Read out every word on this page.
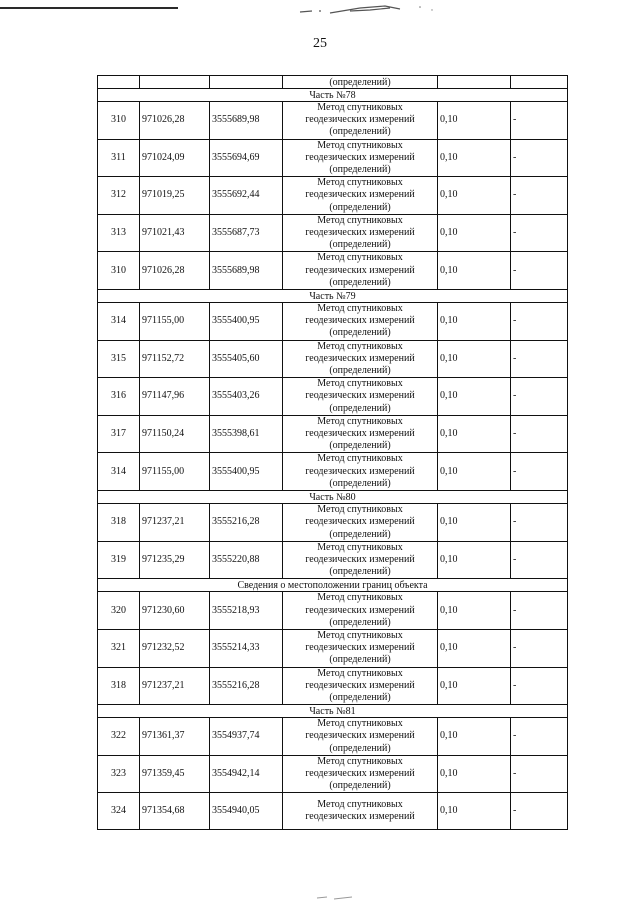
25
			(определений)		
Часть №78					
310	971026,28	3555689,98	Метод спутниковых
геодезических измерений
(определений)	0,10	-
311	971024,09	3555694,69	Метод спутниковых
геодезических измерений
(определений)	0,10	-
312	971019,25	3555692,44	Метод спутниковых
геодезических измерений
(определений)	0,10	-
313	971021,43	3555687,73	Метод спутниковых
геодезических измерений
(определений)	0,10	-
310	971026,28	3555689,98	Метод спутниковых
геодезических измерений
(определений)	0,10	-
Часть №79					
314	971155,00	3555400,95	Метод спутниковых
геодезических измерений
(определений)	0,10	-
315	971152,72	3555405,60	Метод спутниковых
геодезических измерений
(определений)	0,10	-
316	971147,96	3555403,26	Метод спутниковых
геодезических измерений
(определений)	0,10	-
317	971150,24	3555398,61	Метод спутниковых
геодезических измерений
(определений)	0,10	-
314	971155,00	3555400,95	Метод спутниковых
геодезических измерений
(определений)	0,10	-
Часть №80					
318	971237,21	3555216,28	Метод спутниковых
геодезических измерений
(определений)	0,10	-
319	971235,29	3555220,88	Метод спутниковых
геодезических измерений
(определений)	0,10	-
Сведения о местоположении границ объекта					
320	971230,60	3555218,93	Метод спутниковых
геодезических измерений
(определений)	0,10	-
321	971232,52	3555214,33	Метод спутниковых
геодезических измерений
(определений)	0,10	-
318	971237,21	3555216,28	Метод спутниковых
геодезических измерений
(определений)	0,10	-
Часть №81					
322	971361,37	3554937,74	Метод спутниковых
геодезических измерений
(определений)	0,10	-
323	971359,45	3554942,14	Метод спутниковых
геодезических измерений
(определений)	0,10	-
324	971354,68	3554940,05	Метод спутниковых
геодезических измерений	0,10	-
